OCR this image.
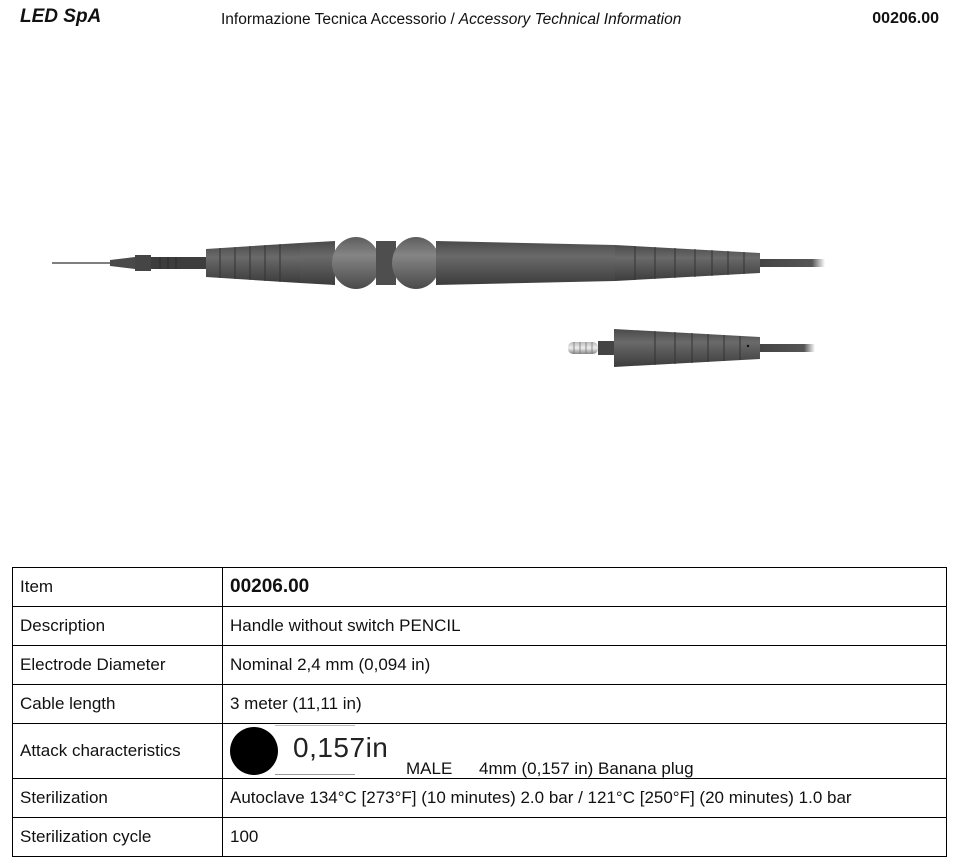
LED SpA	Informazione Tecnica Accessorio / Accessory Technical Information	00206.00
Item	00206.00
Description	Handle without switch PENCIL
Electrode Diameter	Nominal 2,4 mm (0,094 in)
Cable length	3 meter (11,11 in)
Attack characteristics	0,157in
MALE 4mm (0,157 in) Banana plug

Sterilization	Autoclave 134°C [273°F] (10 minutes) 2.0 bar / 121°C [250°F] (20 minutes) 1.0 bar
Sterilization cycle	100
